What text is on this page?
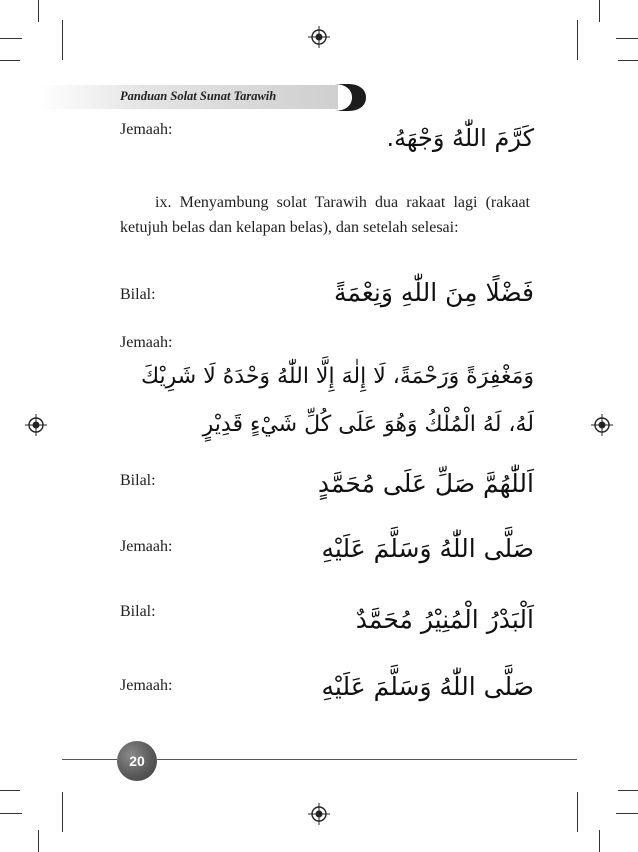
Panduan Solat Sunat Tarawih
Jemaah:	كَرَّمَ اللّٰهُ وَجْهَهُ.
ix. Menyambung solat Tarawih dua rakaat lagi (rakaat ketujuh belas dan kelapan belas), dan setelah selesai:
Bilal:	فَضْلًا مِنَ اللّٰهِ وَنِعْمَةً
Jemaah:
وَمَغْفِرَةً وَرَحْمَةً، لَا إِلٰهَ إِلَّا اللّٰهُ وَحْدَهُ لَا شَرِيْكَ
لَهُ، لَهُ الْمُلْكُ وَهُوَ عَلَى كُلِّ شَيْءٍ قَدِيْرٍ
Bilal:	اَللّٰهُمَّ صَلِّ عَلَى مُحَمَّدٍ
Jemaah:	صَلَّى اللّٰهُ وَسَلَّمَ عَلَيْهِ
Bilal:	اَلْبَدْرُ الْمُنِيْرُ مُحَمَّدٌ
Jemaah:	صَلَّى اللّٰهُ وَسَلَّمَ عَلَيْهِ
20
